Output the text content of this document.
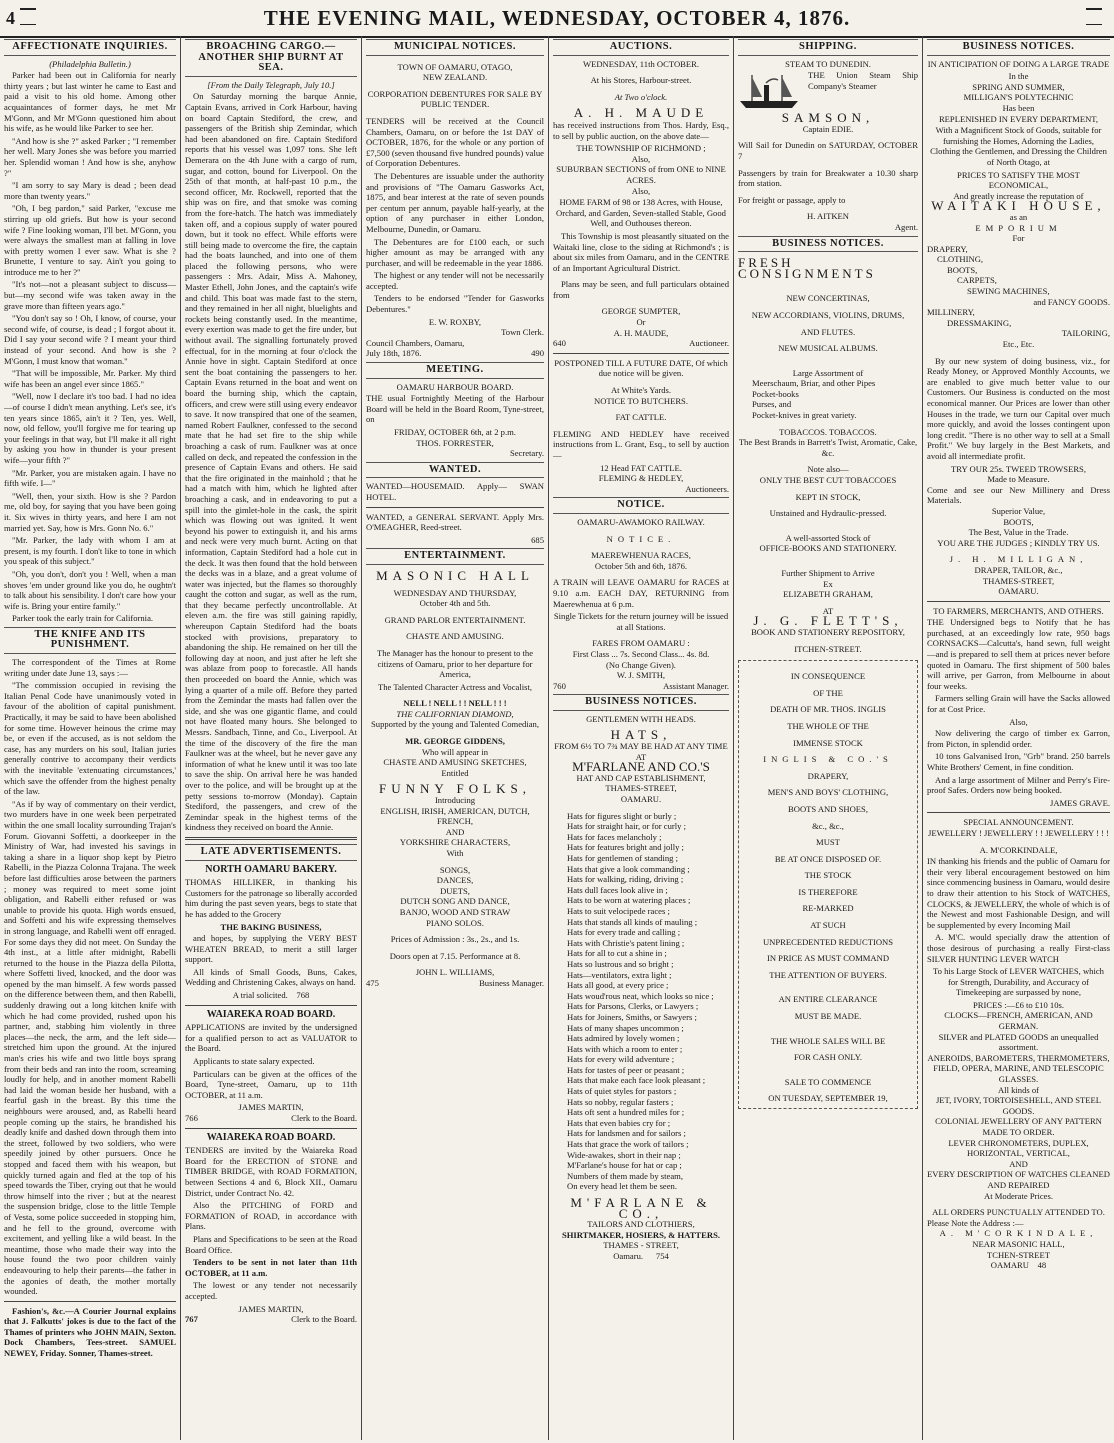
4	THE EVENING MAIL, WEDNESDAY, OCTOBER 4, 1876.
AFFECTIONATE INQUIRIES.
(Philadelphia Bulletin.)

Parker had been out in California for nearly thirty years ; but last winter he came to East and paid a visit to his old home. Among other acquaintances of former days, he met Mr M'Gonn, and Mr M'Gonn questioned him about his wife, as he would like Parker to see her.

"And how is she ?" asked Parker ; "I remember her well. Mary Jones she was before you married her. Splendid woman ! And how is she, anyhow ?"

"I am sorry to say Mary is dead ; been dead more than twenty years."

"Oh, I beg pardon," said Parker, "excuse me stirring up old griefs. But how is your second wife ? Fine looking woman, I'll bet. M'Gonn, you were always the smallest man at falling in love with pretty women I ever saw. What is she ? Brunette, I venture to say. Ain't you going to introduce me to her ?"

"It's not—not a pleasant subject to discuss—but—my second wife was taken away in the grave more than fifteen years ago."

"You don't say so ! Oh, I know, of course, your second wife, of course, is dead ; I forgot about it. Did I say your second wife ? I meant your third instead of your second. And how is she ? M'Gonn, I must know that woman."

"That will be impossible, Mr. Parker. My third wife has been an angel ever since 1865."

"Well, now I declare it's too bad. I had no idea—of course I didn't mean anything. Let's see, it's ten years since 1865, ain't it ? Ten, yes. Well, now, old fellow, you'll forgive me for tearing up your feelings in that way, but I'll make it all right by asking you how in thunder is your present wife—your fifth ?"

"Mr. Parker, you are mistaken again. I have no fifth wife. I—"

"Well, then, your sixth. How is she ? Pardon me, old boy, for saying that you have been going it. Six wives in thirty years, and here I am not married yet. Say, how is Mrs. Gonn No. 6."

"Mr. Parker, the lady with whom I am at present, is my fourth. I don't like to tone in which you speak of this subject."

"Oh, you don't, don't you ! Well, when a man shoves 'em under ground like you do, he oughtn't to talk about his sensibility. I don't care how your wife is. Bring your entire family."

Parker took the early train for California.

THE KNIFE AND ITS PUNISHMENT.

The correspondent of the Times at Rome writing under date June 13, says :—

"The commission occupied in revising the Italian Penal Code have unanimously voted in favour of the abolition of capital punishment. Practically, it may be said to have been abolished for some time. However heinous the crime may be, or even if the accused, as is not seldom the case, has any murders on his soul, Italian juries generally contrive to accompany their verdicts with the inevitable 'extenuating circumstances,' which save the offender from the highest penalty of the law.

"As if by way of commentary on their verdict, two murders have in one week been perpetrated within the one small locality surrounding Trajan's Forum. Giovanni Soffetti, a doorkeeper in the Ministry of War, had invested his savings in taking a share in a liquor shop kept by Pietro Rabelli, in the Piazza Colonna Trajana. The week before last difficulties arose between the partners ; money was required to meet some joint obligation, and Rabelli either refused or was unable to provide his quota. High words ensued, and Soffetti and his wife expressing themselves in strong language, and Rabelli went off enraged. For some days they did not meet. On Sunday the 4th inst., at a little after midnight, Rabelli returned to the house in the Piazza della Pilotta, where Soffetti lived, knocked, and the door was opened by the man himself. A few words passed on the difference between them, and then Rabelli, suddenly drawing out a long kitchen knife with which he had come provided, rushed upon his partner, and, stabbing him violently in three places—the neck, the arm, and the left side—stretched him upon the ground. At the injured man's cries his wife and two little boys sprang from their beds and ran into the room, screaming loudly for help, and in another moment Rabelli had laid the woman beside her husband, with a fearful gash in the breast. By this time the neighbours were aroused, and, as Rabelli heard people coming up the stairs, he brandished his deadly knife and dashed down through them into the street, followed by two soldiers, who were speedily joined by other pursuers. Once he stopped and faced them with his weapon, but quickly turned again and fled at the top of his speed towards the Tiber, crying out that he would throw himself into the river ; but at the nearest the suspension bridge, close to the little Temple of Vesta, some police succeeded in stopping him, and he fell to the ground, overcome with excitement, and yelling like a wild beast. In the meantime, those who made their way into the house found the two poor children vainly endeavouring to help their parents—the father in the agonies of death, the mother mortally wounded.

Fashion's, &c.—A Courier Journal explains that J. Falkutts' jokes is due to the fact of the Thames of printers who JOHN MAIN, Sexton. Dock Chambers, Tees-street. SAMUEL NEWEY, Friday. Sonner, Thames-street.

BROACHING CARGO.—ANOTHER SHIP BURNT AT SEA.
[From the Daily Telegraph, July 10.]

On Saturday morning the barque Annie, Captain Evans, arrived in Cork Harbour, having on board Captain Stediford, the crew, and passengers of the British ship Zemindar, which had been abandoned on fire. Captain Stediford reports that his vessel was 1,097 tons. She left Demerara on the 4th June with a cargo of rum, sugar, and cotton, bound for Liverpool. On the 25th of that month, at half-past 10 p.m., the second officer, Mr. Rockwell, reported that the ship was on fire, and that smoke was coming from the fore-hatch. The hatch was immediately taken off, and a copious supply of water poured down, but it took no effect. While efforts were still being made to overcome the fire, the captain had the boats launched, and into one of them placed the following persons, who were passengers : Mrs. Adair, Miss A. Mahoney, Master Ethell, John Jones, and the captain's wife and child. This boat was made fast to the stern, and they remained in her all night, bluelights and rockets being constantly used. In the meantime, every exertion was made to get the fire under, but without avail. The signalling fortunately proved effectual, for in the morning at four o'clock the Annie hove in sight. Captain Stediford at once sent the boat containing the passengers to her. Captain Evans returned in the boat and went on board the burning ship, which the captain, officers, and crew were still using every endeavor to save. It now transpired that one of the seamen, named Robert Faulkner, confessed to the second mate that he had set fire to the ship while broaching a cask of rum. Faulkner was at once called on deck, and repeated the confession in the presence of Captain Evans and others. He said that the fire originated in the mainhold ; that he had a match with him, which he lighted after broaching a cask, and in endeavoring to put a spill into the gimlet-hole in the cask, the spirit which was flowing out was ignited. It went beyond his power to extinguish it, and his arms and neck were very much burnt. Acting on that information, Captain Stediford had a hole cut in the deck. It was then found that the hold between the decks was in a blaze, and a great volume of water was injected, but the flames so thoroughly caught the cotton and sugar, as well as the rum, that they became perfectly uncontrollable. At eleven a.m. the fire was still gaining rapidly, whereupon Captain Stediford had the boats stocked with provisions, preparatory to abandoning the ship. He remained on her till the following day at noon, and just after he left she was ablaze from poop to forecastle. All hands then proceeded on board the Annie, which was lying a quarter of a mile off. Before they parted from the Zemindar the masts had fallen over the side, and she was one gigantic flame, and could not have floated many hours. She belonged to Messrs. Sandbach, Tinne, and Co., Liverpool. At the time of the discovery of the fire the man Faulkner was at the wheel, but he never gave any information of what he knew until it was too late to save the ship. On arrival here he was handed over to the police, and will be brought up at the petty sessions to-morrow (Monday). Captain Stediford, the passengers, and crew of the Zemindar speak in the highest terms of the kindness they received on board the Annie.

LATE ADVERTISEMENTS.
NORTH OAMARU BAKERY.

THOMAS HILLIKER, in thanking his Customers for the patronage so liberally accorded him during the past seven years, begs to state that he has added to the Grocery

THE BAKING BUSINESS,

and hopes, by supplying the VERY BEST WHEATEN BREAD, to merit a still larger support.

All kinds of Small Goods, Buns, Cakes, Wedding and Christening Cakes, always on hand.

A trial solicited. 768
WAIAREKA ROAD BOARD.

APPLICATIONS are invited by the undersigned for a qualified person to act as VALUATOR to the Board.

Applicants to state salary expected.

Particulars can be given at the offices of the Board, Tyne-street, Oamaru, up to 11th OCTOBER, at 11 a.m.

JAMES MARTIN,
766	Clerk to the Board.
WAIAREKA ROAD BOARD.

TENDERS are invited by the Waiareka Road Board for the ERECTION of STONE and TIMBER BRIDGE, with ROAD FORMATION, between Sections 4 and 6, Block XII., Oamaru District, under Contract No. 42.

Also the PITCHING of FORD and FORMATION of ROAD, in accordance with Plans.

Plans and Specifications to be seen at the Road Board Office.

Tenders to be sent in not later than 11th OCTOBER, at 11 a.m.

The lowest or any tender not necessarily accepted.

JAMES MARTIN,
767	Clerk to the Board.
MUNICIPAL NOTICES.
TOWN OF OAMARU, OTAGO,
NEW ZEALAND.
CORPORATION DEBENTURES FOR SALE BY PUBLIC TENDER.

TENDERS will be received at the Council Chambers, Oamaru, on or before the 1st DAY of OCTOBER, 1876, for the whole or any portion of £7,500 (seven thousand five hundred pounds) value of Corporation Debentures.

The Debentures are issuable under the authority and provisions of "The Oamaru Gasworks Act, 1875, and bear interest at the rate of seven pounds per centum per annum, payable half-yearly, at the option of any purchaser in either London, Melbourne, Dunedin, or Oamaru.

The Debentures are for £100 each, or such higher amount as may be arranged with any purchaser, and will be redeemable in the year 1886.

The highest or any tender will not be necessarily accepted.

Tenders to be endorsed "Tender for Gasworks Debentures."

E. W. ROXBY,
Town Clerk.
Council Chambers, Oamaru,
July 18th, 1876.	490
MEETING.
OAMARU HARBOUR BOARD.

THE usual Fortnightly Meeting of the Harbour Board will be held in the Board Room, Tyne-street, on

FRIDAY, OCTOBER 6th, at 2 p.m.
THOS. FORRESTER,
Secretary.
WANTED.

WANTED—HOUSEMAID. Apply— SWAN HOTEL.

WANTED, a GENERAL SERVANT. Apply Mrs. O'MEAGHER, Reed-street.

685
ENTERTAINMENT.
MASONIC HALL
WEDNESDAY AND THURSDAY,
October 4th and 5th.
GRAND PARLOR ENTERTAINMENT.
CHASTE AND AMUSING.

The Manager has the honour to present to the citizens of Oamaru, prior to her departure for America,

The Talented Character Actress and Vocalist,
NELL ! NELL ! ! NELL ! ! !
THE CALIFORNIAN DIAMOND,
Supported by the young and Talented Comedian,
MR. GEORGE GIDDENS,
Who will appear in
CHASTE AND AMUSING SKETCHES,
Entitled
FUNNY FOLKS,
Introducing
ENGLISH, IRISH, AMERICAN, DUTCH, FRENCH,
AND
YORKSHIRE CHARACTERS,
With
SONGS,
DANCES,
DUETS,
DUTCH SONG AND DANCE,
BANJO, WOOD AND STRAW
PIANO SOLOS.
Prices of Admission : 3s., 2s., and 1s.
Doors open at 7.15. Performance at 8.
JOHN L. WILLIAMS,
475	Business Manager.
AUCTIONS.
WEDNESDAY, 11th OCTOBER.
At his Stores, Harbour-street.
At Two o'clock.
A. H. MAUDE

has received instructions from Thos. Hardy, Esq., to sell by public auction, on the above date—

THE TOWNSHIP OF RICHMOND ;
Also,
SUBURBAN SECTIONS of from ONE to NINE ACRES.
Also,

HOME FARM of 98 or 138 Acres, with House, Orchard, and Garden, Seven-stalled Stable, Good Well, and Outhouses thereon.

This Township is most pleasantly situated on the Waitaki line, close to the siding at Richmond's ; is about six miles from Oamaru, and in the CENTRE of an Important Agricultural District.

Plans may be seen, and full particulars obtained from

GEORGE SUMPTER,
Or
A. H. MAUDE,
640	Auctioneer.
POSTPONED TILL A FUTURE DATE, Of which due notice will be given.
At White's Yards.
NOTICE TO BUTCHERS.
FAT CATTLE.

FLEMING AND HEDLEY have received instructions from L. Grant, Esq., to sell by auction—

12 Head FAT CATTLE.
FLEMING & HEDLEY,
Auctioneers.
NOTICE.
OAMARU-AWAMOKO RAILWAY.
NOTICE.
MAEREWHENUA RACES,
October 5th and 6th, 1876.

A TRAIN will LEAVE OAMARU for RACES at 9.10 a.m. EACH DAY, RETURNING from Maerewhenua at 6 p.m.

Single Tickets for the return journey will be issued at all Stations.

FARES FROM OAMARU :
First Class ... 7s. Second Class... 4s. 8d.
(No Change Given).
W. J. SMITH,
760	Assistant Manager.
BUSINESS NOTICES.
GENTLEMEN WITH HEADS.
HATS,
FROM 6½ TO 7¾ MAY BE HAD AT ANY TIME AT
M'FARLANE AND CO.'S
HAT AND CAP ESTABLISHMENT,
THAMES-STREET,
OAMARU.
Hats for figures slight or burly ;
Hats for straight hair, or for curly ;
Hats for faces melancholy ;
Hats for features bright and jolly ;
Hats for gentlemen of standing ;
Hats that give a look commanding ;
Hats for walking, riding, driving ;
Hats dull faces look alive in ;
Hats to be worn at watering places ;
Hats to suit velocipede races ;
Hats that stands all kinds of mauling ;
Hats for every trade and calling ;
Hats with Christie's patent lining ;
Hats for all to cut a shine in ;
Hats so lustrous and so bright ;
Hats—ventilators, extra light ;
Hats all good, at every price ;
Hats woud'rous neat, which looks so nice ;
Hats for Parsons, Clerks, or Lawyers ;
Hats for Joiners, Smiths, or Sawyers ;
Hats of many shapes uncommon ;
Hats admired by lovely women ;
Hats with which a room to enter ;
Hats for every wild adventure ;
Hats for tastes of peer or peasant ;
Hats that make each face look pleasant ;
Hats of quiet styles for pastors ;
Hats so nobby, regular fasters ;
Hats oft sent a hundred miles for ;
Hats that even babies cry for ;
Hats for landsmen and for sailors ;
Hats that grace the work of tailors ;
Wide-awakes, short in their nap ;
M'Farlane's house for hat or cap ;
Numbers of them made by steam,
On every head let them be seen.
M'FARLANE & CO.,
TAILORS AND CLOTHIERS,
SHIRTMAKER, HOSIERS, & HATTERS.
THAMES - STREET,
Oamaru. 754
SHIPPING.
STEAM TO DUNEDIN.

THE Union Steam Ship Company's Steamer

SAMSON,
Captain EDIE.

Will Sail for Dunedin on SATURDAY, OCTOBER 7

Passengers by train for Breakwater a 10.30 sharp from station.

For freight or passage, apply to

H. AITKEN
Agent.
BUSINESS NOTICES.
FRESH CONSIGNMENTS
NEW CONCERTINAS,
NEW ACCORDIANS, VIOLINS, DRUMS,
AND FLUTES.
NEW MUSICAL ALBUMS.
Large Assortment of
Meerschaum, Briar, and other Pipes
Pocket-books
Purses, and
Pocket-knives in great variety.
TOBACCOS. TOBACCOS.
The Best Brands in Barrett's Twist, Aromatic, Cake, &c.
Note also—
ONLY THE BEST CUT TOBACCOES
KEPT IN STOCK,
Unstained and Hydraulic-pressed.
A well-assorted Stock of
OFFICE-BOOKS AND STATIONERY.
Further Shipment to Arrive
Ex
ELIZABETH GRAHAM,
AT
J. G. FLETT'S,
BOOK AND STATIONERY REPOSITORY,
ITCHEN-STREET.
IN CONSEQUENCE
OF THE
DEATH OF MR. THOS. INGLIS
THE WHOLE OF THE
IMMENSE STOCK
INGLIS & CO.'S
DRAPERY,
MEN'S AND BOYS' CLOTHING,
BOOTS AND SHOES,
&c., &c.,
MUST
BE AT ONCE DISPOSED OF.
THE STOCK
IS THEREFORE
RE-MARKED
AT SUCH
UNPRECEDENTED REDUCTIONS
IN PRICE AS MUST COMMAND
THE ATTENTION OF BUYERS.
AN ENTIRE CLEARANCE
MUST BE MADE.
THE WHOLE SALES WILL BE
FOR CASH ONLY.
SALE TO COMMENCE
ON TUESDAY, SEPTEMBER 19,
BUSINESS NOTICES.

IN ANTICIPATION OF DOING A LARGE TRADE

In the
SPRING AND SUMMER,
MILLIGAN'S POLYTECHNIC
Has been
REPLENISHED IN EVERY DEPARTMENT,

With a Magnificent Stock of Goods, suitable for furnishing the Homes, Adorning the Ladies, Clothing the Gentlemen, and Dressing the Children of North Otago, at

PRICES TO SATISFY THE MOST ECONOMICAL,
And greatly increase the reputation of
WAITAKI HOUSE,
as an
EMPORIUM
For
DRAPERY,
CLOTHING,
BOOTS,
CARPETS,
SEWING MACHINES,
and FANCY GOODS.
MILLINERY,
DRESSMAKING,
TAILORING,
Etc., Etc.

By our new system of doing business, viz., for Ready Money, or Approved Monthly Accounts, we are enabled to give much better value to our Customers. Our Business is conducted on the most economical manner. Our Prices are lower than other Houses in the trade, we turn our Capital over much more quickly, and avoid the losses contingent upon long credit. "There is no other way to sell at a Small Profit." We buy largely in the Best Markets, and avoid all intermediate profit.

TRY OUR 25s. TWEED TROWSERS,
Made to Measure.
Come and see our New Millinery and Dress Materials.
Superior Value,
BOOTS,
The Best, Value in the Trade.
YOU ARE THE JUDGES ; KINDLY TRY US.
J. H. MILLIGAN,
DRAPER, TAILOR, &c.,
THAMES-STREET,
OAMARU.
TO FARMERS, MERCHANTS, AND OTHERS.

THE Undersigned begs to Notify that he has purchased, at an exceedingly low rate, 950 bags CORNSACKS—Calcutta's, hand sewn, full weight—and is prepared to sell them at prices never before quoted in Oamaru. The first shipment of 500 bales will arrive, per Garron, from Melbourne in about four weeks.

Farmers selling Grain will have the Sacks allowed for at Cost Price.

Also,

Now delivering the cargo of timber ex Garron, from Picton, in splendid order.

10 tons Galvanised Iron, "Grb" brand. 250 barrels White Brothers' Cement, in fine condition.

And a large assortment of Milner and Perry's Fire-proof Safes. Orders now being booked.

JAMES GRAVE.
SPECIAL ANNOUNCEMENT.
JEWELLERY ! JEWELLERY ! ! JEWELLERY ! ! !
A. M'CORKINDALE,

IN thanking his friends and the public of Oamaru for their very liberal encouragement bestowed on him since commencing business in Oamaru, would desire to draw their attention to his Stock of WATCHES, CLOCKS, & JEWELLERY, the whole of which is of the Newest and most Fashionable Design, and will be supplemented by every Incoming Mail

A. M'C. would specially draw the attention of those desirous of purchasing a really First-class SILVER HUNTING LEVER WATCH

To his Large Stock of LEVER WATCHES, which for Strength, Durability, and Accuracy of Timekeeping are surpassed by none,

PRICES :—£6 to £10 10s.
CLOCKS—FRENCH, AMERICAN, AND GERMAN.
SILVER and PLATED GOODS an unequalled assortment.
ANEROIDS, BAROMETERS, THERMOMETERS, FIELD, OPERA, MARINE, AND TELESCOPIC GLASSES.
All kinds of
JET, IVORY, TORTOISESHELL, AND STEEL GOODS.
COLONIAL JEWELLERY OF ANY PATTERN MADE TO ORDER.
LEVER CHRONOMETERS, DUPLEX, HORIZONTAL, VERTICAL,
AND
EVERY DESCRIPTION OF WATCHES CLEANED AND REPAIRED
At Moderate Prices.
ALL ORDERS PUNCTUALLY ATTENDED TO.
Please Note the Address :—
A. M'CORKINDALE,
NEAR MASONIC HALL,
TCHEN-STREET
OAMARU 48
